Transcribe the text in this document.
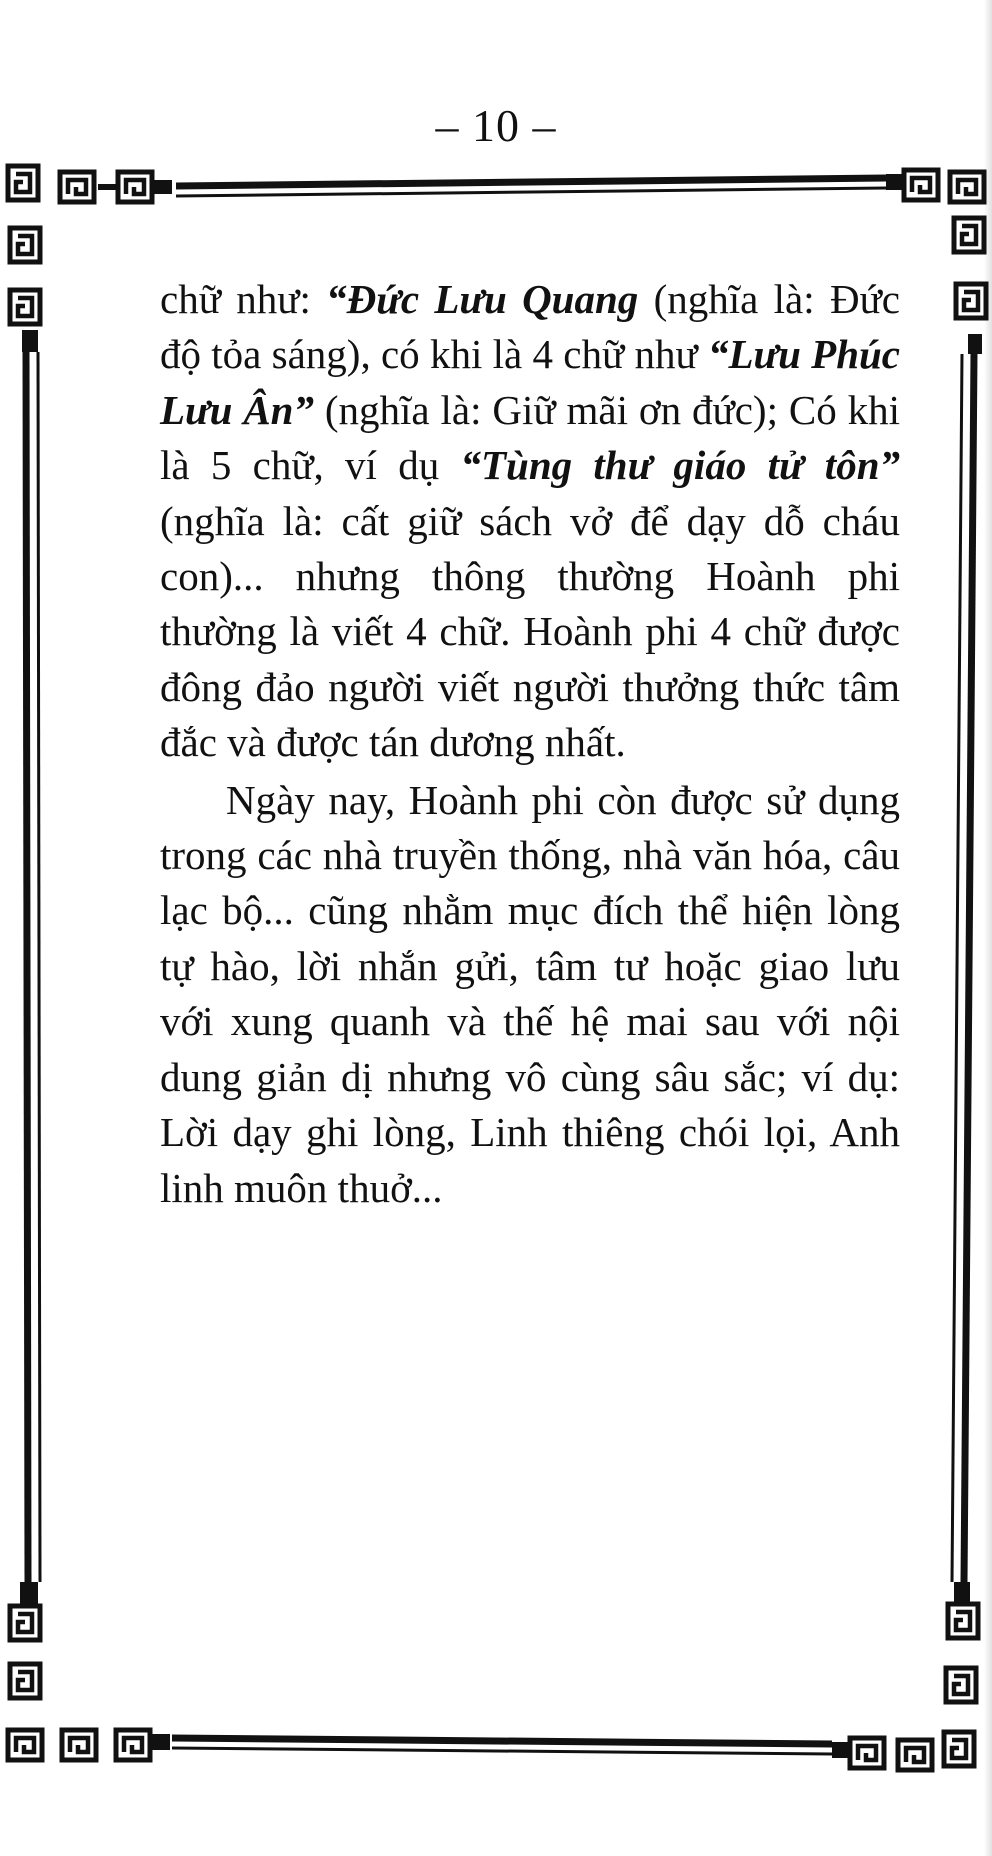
– 10 –

chữ như: “Đức Lưu Quang (nghĩa là: Đức độ tỏa sáng), có khi là 4 chữ như “Lưu Phúc Lưu Ân” (nghĩa là: Giữ mãi ơn đức); Có khi là 5 chữ, ví dụ “Tùng thư giáo tử tôn” (nghĩa là: cất giữ sách vở để dạy dỗ cháu con)... nhưng thông thường Hoành phi thường là viết 4 chữ. Hoành phi 4 chữ được đông đảo người viết người thưởng thức tâm đắc và được tán dương nhất.

Ngày nay, Hoành phi còn được sử dụng trong các nhà truyền thống, nhà văn hóa, câu lạc bộ... cũng nhằm mục đích thể hiện lòng tự hào, lời nhắn gửi, tâm tư hoặc giao lưu với xung quanh và thế hệ mai sau với nội dung giản dị nhưng vô cùng sâu sắc; ví dụ: Lời dạy ghi lòng, Linh thiêng chói lọi, Anh linh muôn thuở...
